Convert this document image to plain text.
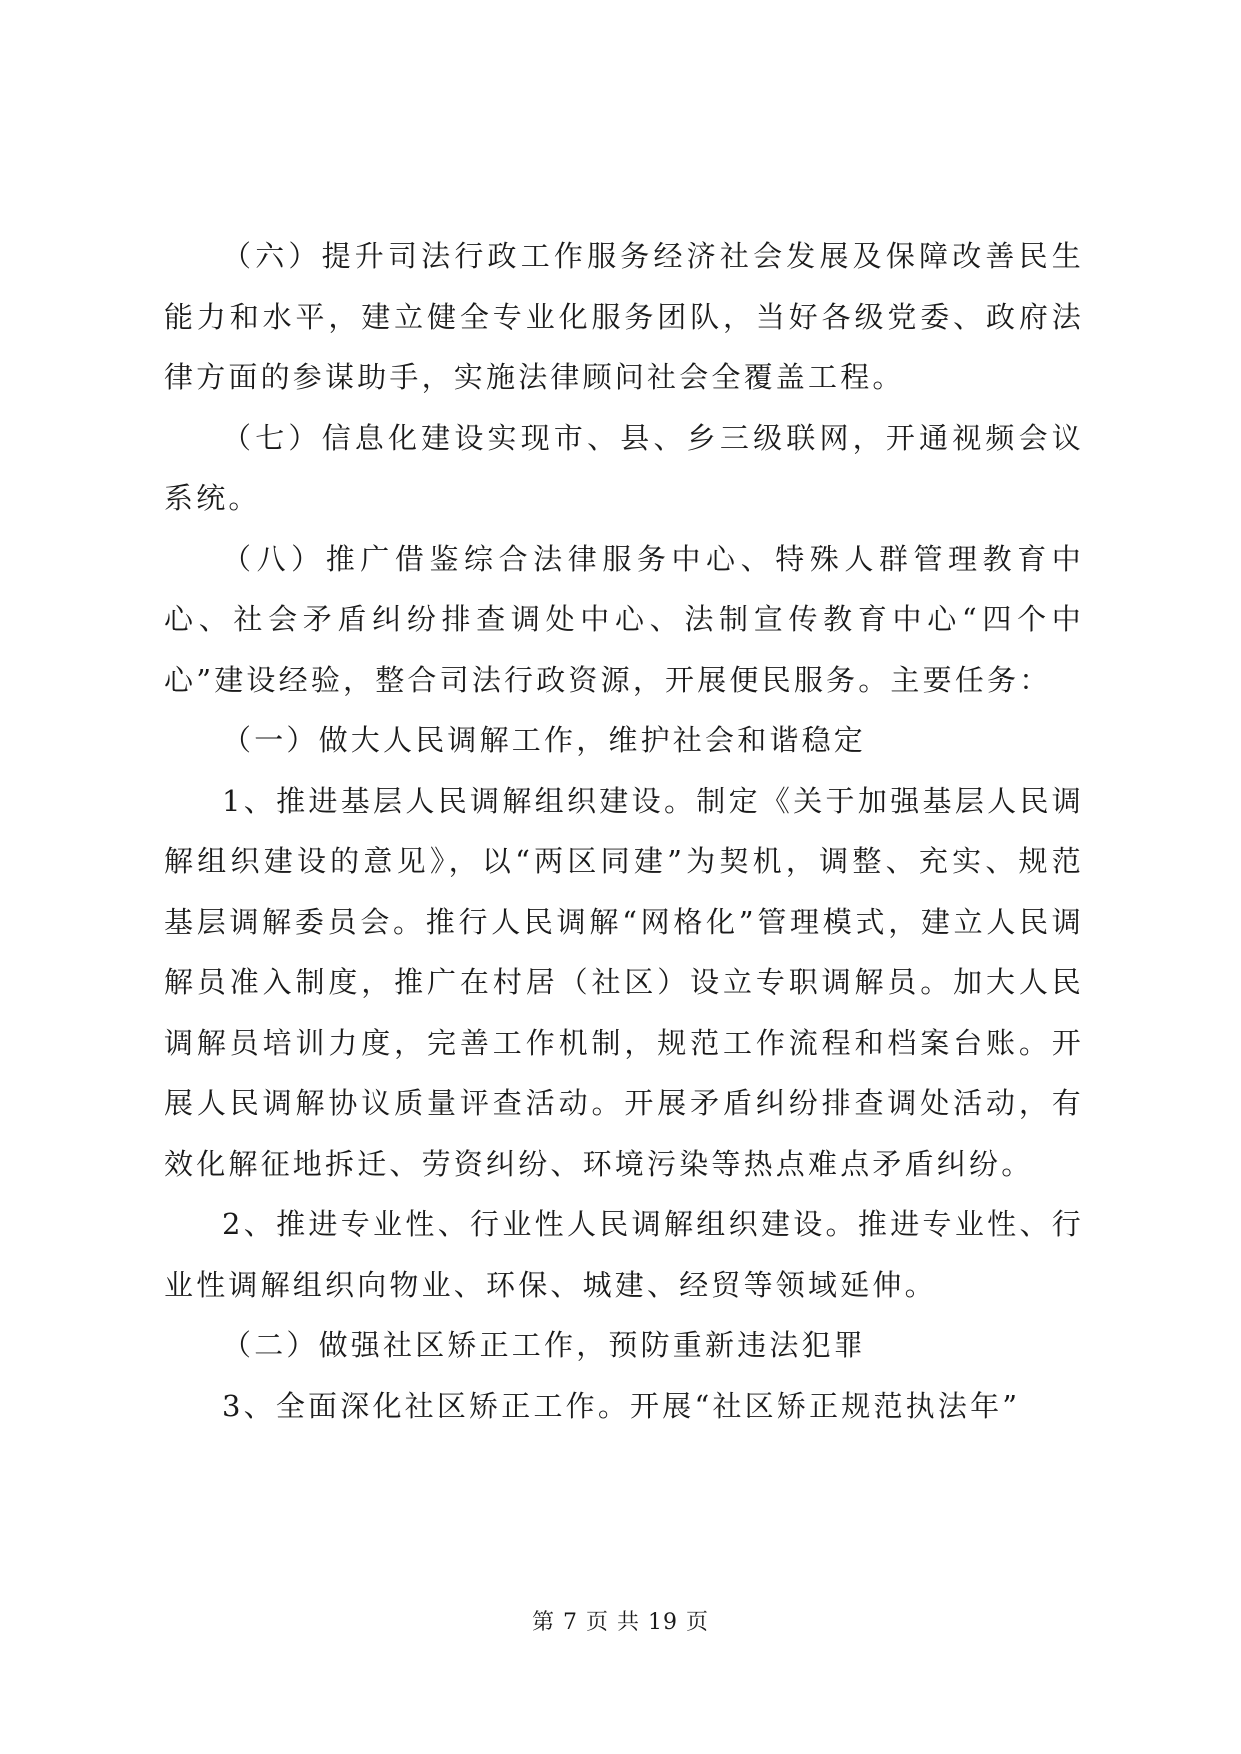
（六）提升司法行政工作服务经济社会发展及保障改善民生能力和水平，建立健全专业化服务团队，当好各级党委、政府法律方面的参谋助手，实施法律顾问社会全覆盖工程。

（七）信息化建设实现市、县、乡三级联网，开通视频会议系统。

（八）推广借鉴综合法律服务中心、特殊人群管理教育中心、社会矛盾纠纷排查调处中心、法制宣传教育中心“四个中心”建设经验，整合司法行政资源，开展便民服务。主要任务：

（一）做大人民调解工作，维护社会和谐稳定

1、推进基层人民调解组织建设。制定《关于加强基层人民调解组织建设的意见》，以“两区同建”为契机，调整、充实、规范基层调解委员会。推行人民调解“网格化”管理模式，建立人民调解员准入制度，推广在村居（社区）设立专职调解员。加大人民调解员培训力度，完善工作机制，规范工作流程和档案台账。开展人民调解协议质量评查活动。开展矛盾纠纷排查调处活动，有效化解征地拆迁、劳资纠纷、环境污染等热点难点矛盾纠纷。

2、推进专业性、行业性人民调解组织建设。推进专业性、行业性调解组织向物业、环保、城建、经贸等领域延伸。

（二）做强社区矫正工作，预防重新违法犯罪

3、全面深化社区矫正工作。开展“社区矫正规范执法年”

第 7 页 共 19 页
